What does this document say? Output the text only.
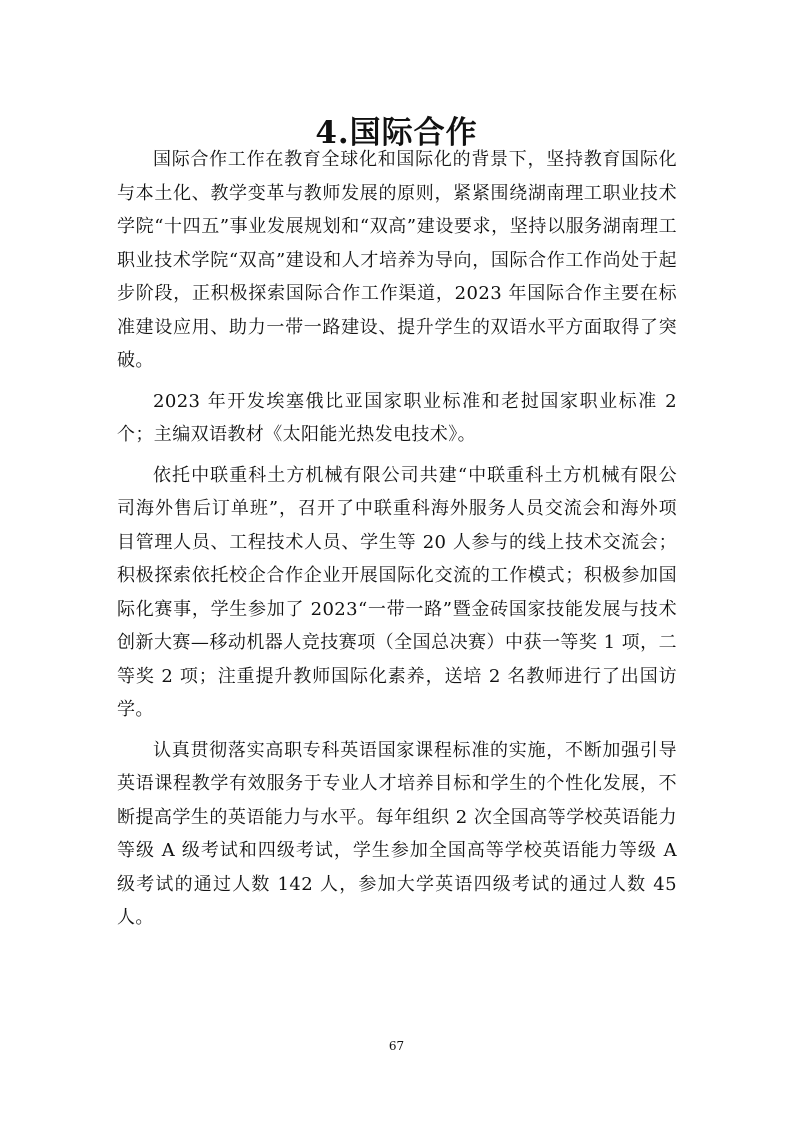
4.国际合作

国际合作工作在教育全球化和国际化的背景下，坚持教育国际化与本土化、教学变革与教师发展的原则，紧紧围绕湖南理工职业技术学院“十四五”事业发展规划和“双高”建设要求，坚持以服务湖南理工职业技术学院“双高”建设和人才培养为导向，国际合作工作尚处于起步阶段，正积极探索国际合作工作渠道，2023 年国际合作主要在标准建设应用、助力一带一路建设、提升学生的双语水平方面取得了突破。

2023 年开发埃塞俄比亚国家职业标准和老挝国家职业标准 2 个；主编双语教材《太阳能光热发电技术》。

依托中联重科土方机械有限公司共建“中联重科土方机械有限公司海外售后订单班”，召开了中联重科海外服务人员交流会和海外项目管理人员、工程技术人员、学生等 20 人参与的线上技术交流会；积极探索依托校企合作企业开展国际化交流的工作模式；积极参加国际化赛事，学生参加了 2023“一带一路”暨金砖国家技能发展与技术创新大赛—移动机器人竞技赛项（全国总决赛）中获一等奖 1 项，二等奖 2 项；注重提升教师国际化素养，送培 2 名教师进行了出国访学。

认真贯彻落实高职专科英语国家课程标准的实施，不断加强引导英语课程教学有效服务于专业人才培养目标和学生的个性化发展，不断提高学生的英语能力与水平。每年组织 2 次全国高等学校英语能力等级 A 级考试和四级考试，学生参加全国高等学校英语能力等级 A 级考试的通过人数 142 人，参加大学英语四级考试的通过人数 45 人。

67
